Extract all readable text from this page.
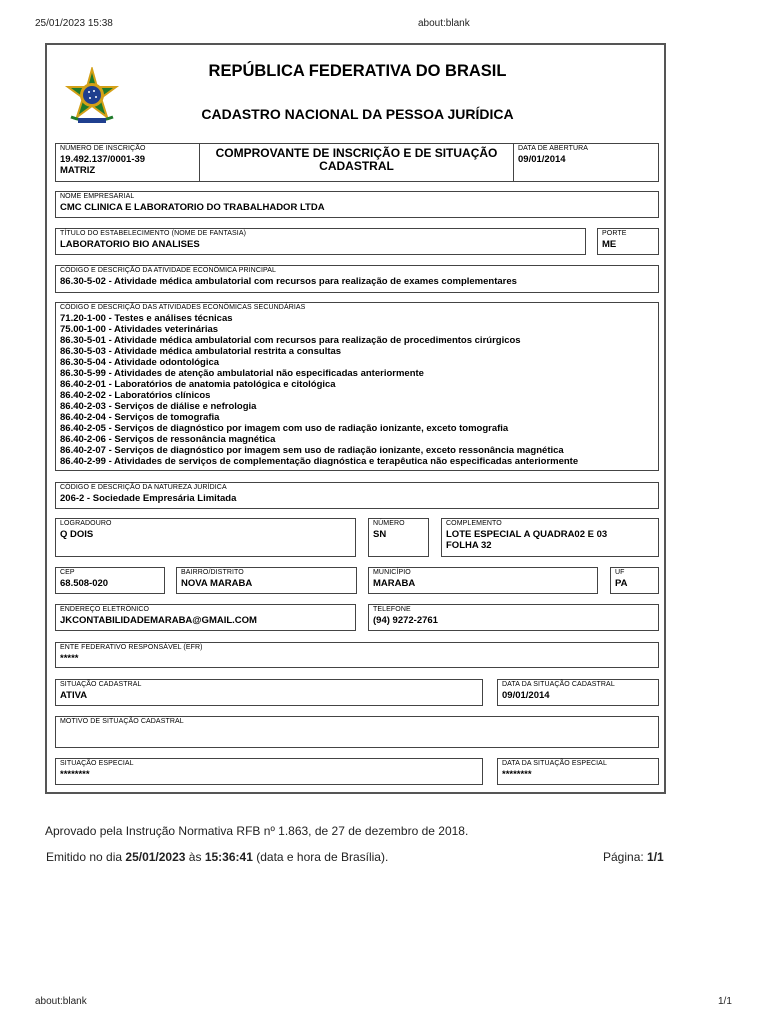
25/01/2023 15:38	about:blank
REPÚBLICA FEDERATIVA DO BRASIL
CADASTRO NACIONAL DA PESSOA JURÍDICA
NÚMERO DE INSCRIÇÃO
19.492.137/0001-39
MATRIZ
COMPROVANTE DE INSCRIÇÃO E DE SITUAÇÃO CADASTRAL
DATA DE ABERTURA
09/01/2014
NOME EMPRESARIAL
CMC CLINICA E LABORATORIO DO TRABALHADOR LTDA
TÍTULO DO ESTABELECIMENTO (NOME DE FANTASIA)
LABORATORIO BIO ANALISES
PORTE
ME
CÓDIGO E DESCRIÇÃO DA ATIVIDADE ECONÔMICA PRINCIPAL
86.30-5-02 - Atividade médica ambulatorial com recursos para realização de exames complementares
CÓDIGO E DESCRIÇÃO DAS ATIVIDADES ECONÔMICAS SECUNDÁRIAS
71.20-1-00 - Testes e análises técnicas
75.00-1-00 - Atividades veterinárias
86.30-5-01 - Atividade médica ambulatorial com recursos para realização de procedimentos cirúrgicos
86.30-5-03 - Atividade médica ambulatorial restrita a consultas
86.30-5-04 - Atividade odontológica
86.30-5-99 - Atividades de atenção ambulatorial não especificadas anteriormente
86.40-2-01 - Laboratórios de anatomia patológica e citológica
86.40-2-02 - Laboratórios clínicos
86.40-2-03 - Serviços de diálise e nefrologia
86.40-2-04 - Serviços de tomografia
86.40-2-05 - Serviços de diagnóstico por imagem com uso de radiação ionizante, exceto tomografia
86.40-2-06 - Serviços de ressonância magnética
86.40-2-07 - Serviços de diagnóstico por imagem sem uso de radiação ionizante, exceto ressonância magnética
86.40-2-99 - Atividades de serviços de complementação diagnóstica e terapêutica não especificadas anteriormente
CÓDIGO E DESCRIÇÃO DA NATUREZA JURÍDICA
206-2 - Sociedade Empresária Limitada
LOGRADOURO
Q DOIS
NÚMERO
SN
COMPLEMENTO
LOTE ESPECIAL A QUADRA02 E 03
FOLHA 32
CEP
68.508-020
BAIRRO/DISTRITO
NOVA MARABA
MUNICÍPIO
MARABA
UF
PA
ENDEREÇO ELETRÔNICO
JKCONTABILIDADEMARABA@GMAIL.COM
TELEFONE
(94) 9272-2761
ENTE FEDERATIVO RESPONSÁVEL (EFR)
*****
SITUAÇÃO CADASTRAL
ATIVA
DATA DA SITUAÇÃO CADASTRAL
09/01/2014
MOTIVO DE SITUAÇÃO CADASTRAL
SITUAÇÃO ESPECIAL
********
DATA DA SITUAÇÃO ESPECIAL
********
Aprovado pela Instrução Normativa RFB nº 1.863, de 27 de dezembro de 2018.
Emitido no dia 25/01/2023 às 15:36:41 (data e hora de Brasília).	Página: 1/1
about:blank	1/1
